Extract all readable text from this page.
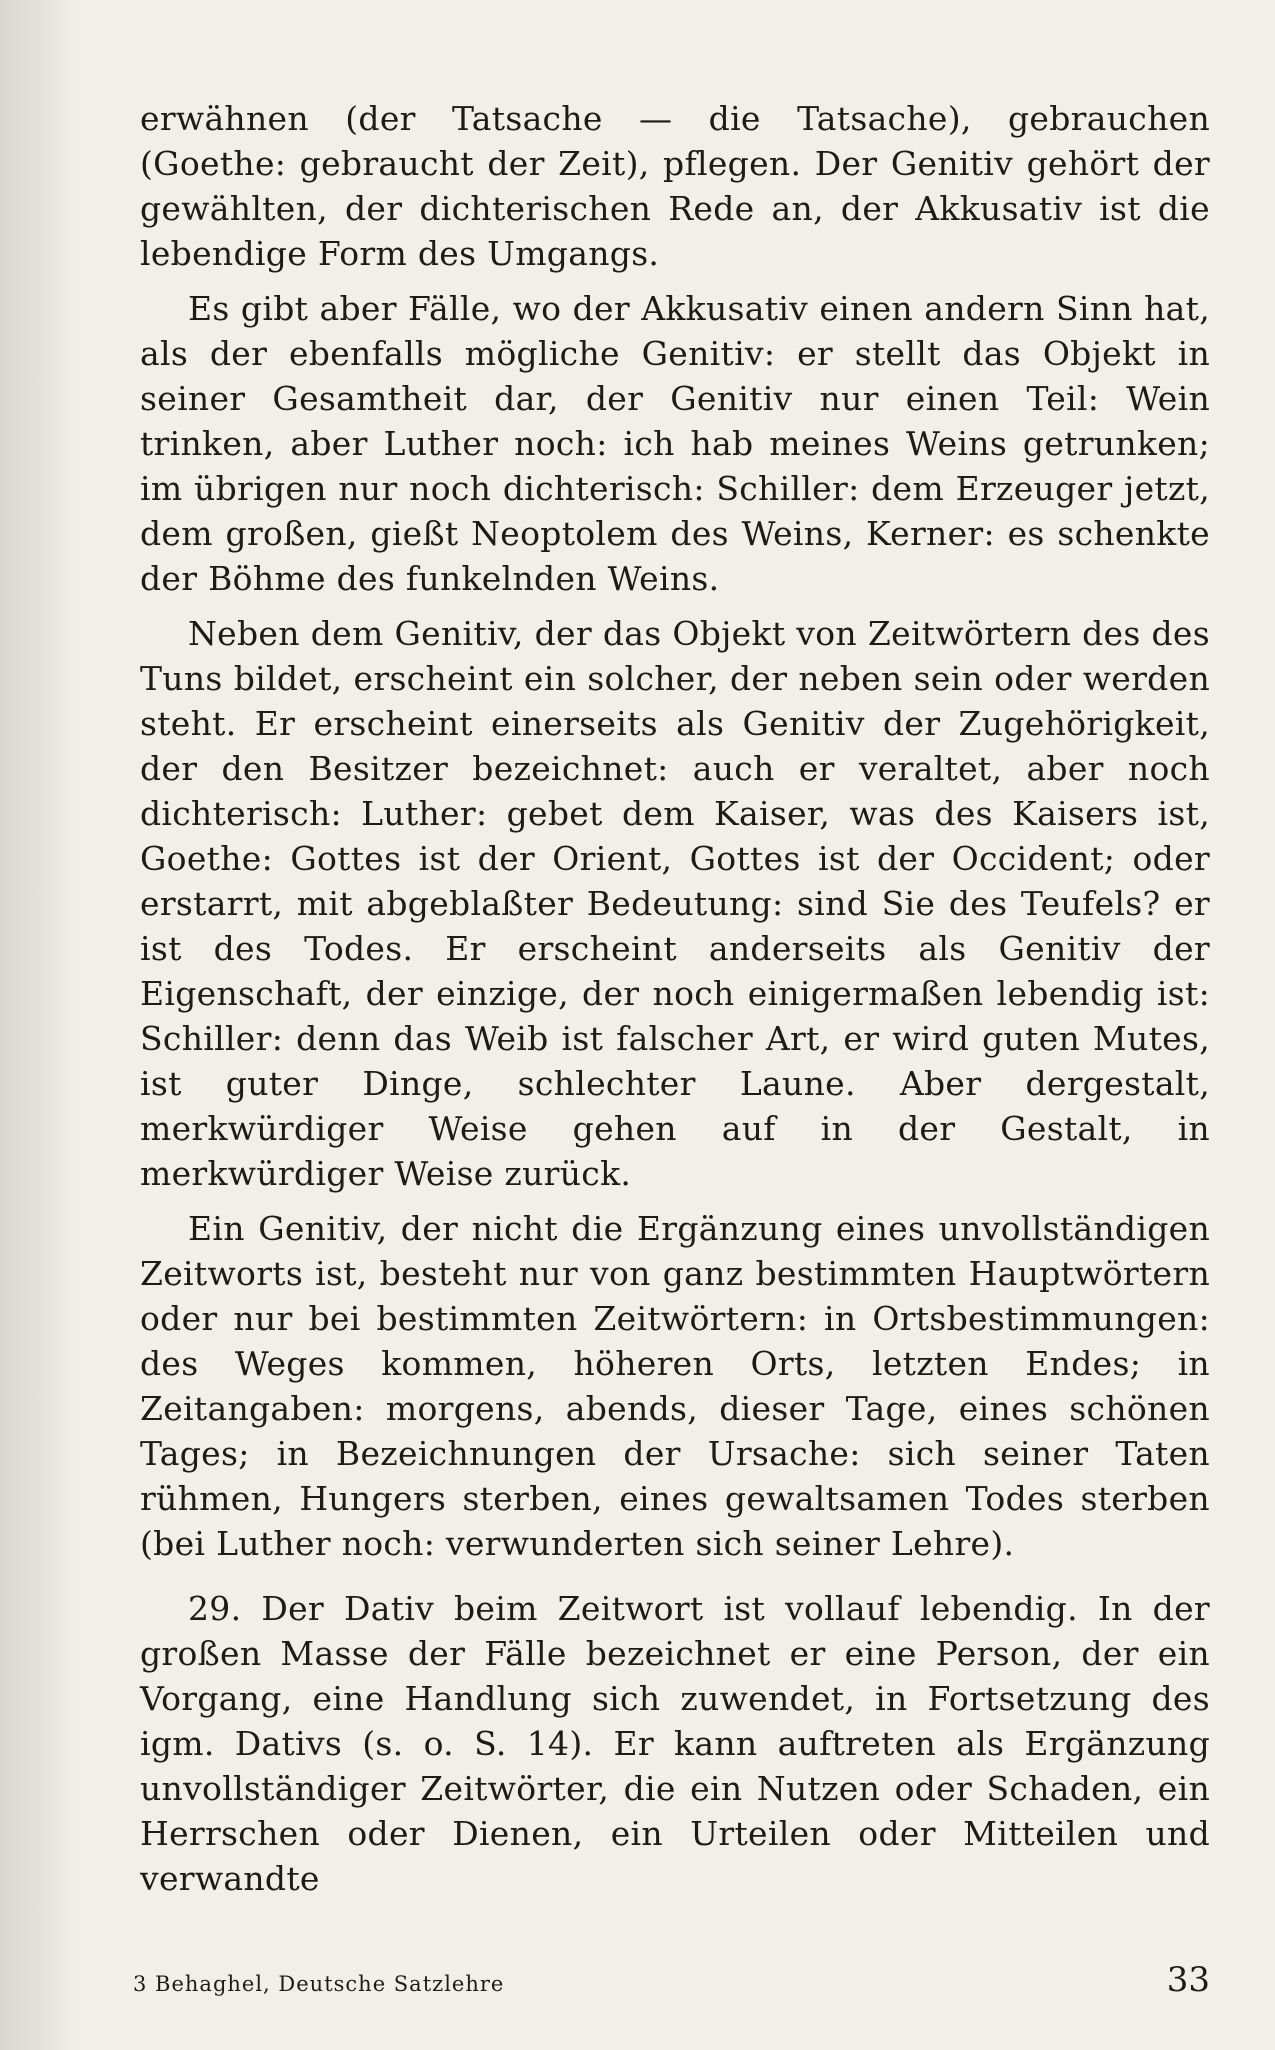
erwähnen (der Tatsache — die Tatsache), gebrauchen (Goethe: gebraucht der Zeit), pflegen. Der Genitiv gehört der gewählten, der dichterischen Rede an, der Akkusativ ist die lebendige Form des Umgangs.

Es gibt aber Fälle, wo der Akkusativ einen andern Sinn hat, als der ebenfalls mögliche Genitiv: er stellt das Objekt in seiner Gesamtheit dar, der Genitiv nur einen Teil: Wein trinken, aber Luther noch: ich hab meines Weins getrunken; im übrigen nur noch dichterisch: Schiller: dem Erzeuger jetzt, dem großen, gießt Neoptolem des Weins, Kerner: es schenkte der Böhme des funkelnden Weins.

Neben dem Genitiv, der das Objekt von Zeitwörtern des des Tuns bildet, erscheint ein solcher, der neben sein oder werden steht. Er erscheint einerseits als Genitiv der Zugehörigkeit, der den Besitzer bezeichnet: auch er veraltet, aber noch dichterisch: Luther: gebet dem Kaiser, was des Kaisers ist, Goethe: Gottes ist der Orient, Gottes ist der Occident; oder erstarrt, mit abgeblaßter Bedeutung: sind Sie des Teufels? er ist des Todes. Er erscheint anderseits als Genitiv der Eigenschaft, der einzige, der noch einigermaßen lebendig ist: Schiller: denn das Weib ist falscher Art, er wird guten Mutes, ist guter Dinge, schlechter Laune. Aber dergestalt, merkwürdiger Weise gehen auf in der Gestalt, in merkwürdiger Weise zurück.

Ein Genitiv, der nicht die Ergänzung eines unvollständigen Zeitworts ist, besteht nur von ganz bestimmten Hauptwörtern oder nur bei bestimmten Zeitwörtern: in Ortsbestimmungen: des Weges kommen, höheren Orts, letzten Endes; in Zeitangaben: morgens, abends, dieser Tage, eines schönen Tages; in Bezeichnungen der Ursache: sich seiner Taten rühmen, Hungers sterben, eines gewaltsamen Todes sterben (bei Luther noch: verwunderten sich seiner Lehre).

29. Der Dativ beim Zeitwort ist vollauf lebendig. In der großen Masse der Fälle bezeichnet er eine Person, der ein Vorgang, eine Handlung sich zuwendet, in Fortsetzung des igm. Dativs (s. o. S. 14). Er kann auftreten als Ergänzung unvollständiger Zeitwörter, die ein Nutzen oder Schaden, ein Herrschen oder Dienen, ein Urteilen oder Mitteilen und verwandte

3 Behaghel, Deutsche Satzlehre	33
